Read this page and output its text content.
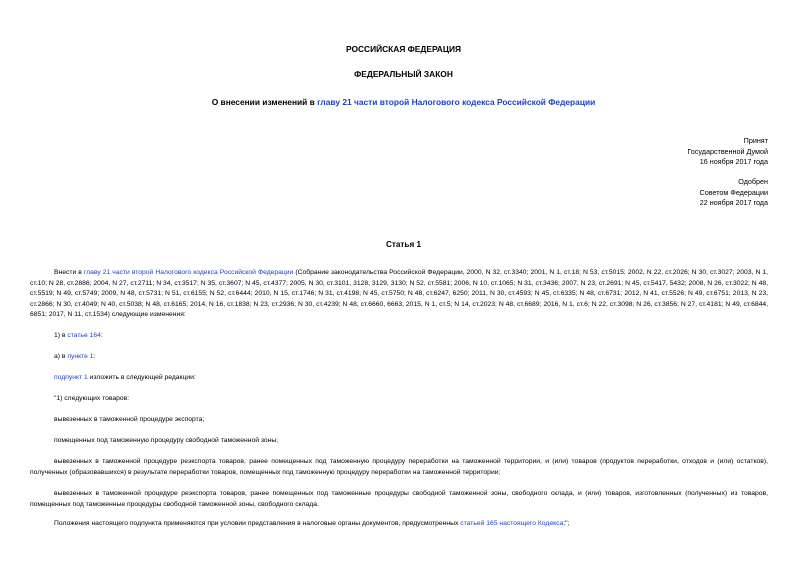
РОССИЙСКАЯ ФЕДЕРАЦИЯ
ФЕДЕРАЛЬНЫЙ ЗАКОН
О внесении изменений в главу 21 части второй Налогового кодекса Российской Федерации
Принят
Государственной Думой
16 ноября 2017 года
Одобрен
Советом Федерации
22 ноября 2017 года
Статья 1
Внести в главу 21 части второй Налогового кодекса Российской Федерации (Собрание законодательства Российской Федерации, 2000, N 32, ст.3340; 2001, N 1, ст.18; N 53, ст.5015; 2002, N 22, ст.2026; N 30, ст.3027; 2003, N 1, ст.10; N 28, ст.2886; 2004, N 27, ст.2711; N 34, ст.3517; N 35, ст.3607; N 45, ст.4377; 2005, N 30, ст.3101, 3128, 3129, 3130; N 52, ст.5581; 2006, N 10, ст.1065; N 31, ст.3436; 2007, N 23, ст.2691; N 45, ст.5417, 5432; 2008, N 26, ст.3022; N 48, ст.5519; N 49, ст.5749; 2009, N 48, ст.5731; N 51, ст.6155; N 52, ст.6444; 2010, N 15, ст.1746; N 31, ст.4198; N 45, ст.5750; N 48, ст.6247, 6250; 2011, N 30, ст.4593; N 45, ст.6335; N 48, ст.6731; 2012, N 41, ст.5526; N 49, ст.6751; 2013, N 23, ст.2866; N 30, ст.4049; N 40, ст.5038; N 48, ст.6165; 2014, N 16, ст.1838; N 23, ст.2936; N 30, ст.4239; N 48, ст.6660, 6663; 2015, N 1, ст.5; N 14, ст.2023; N 48, ст.6689; 2016, N 1, ст.6; N 22, ст.3098; N 26, ст.3856; N 27, ст.4181; N 49, ст.6844, 6851; 2017, N 11, ст.1534) следующие изменения:
1) в статье 164:
а) в пункте 1:
подпункт 1 изложить в следующей редакции:
"1) следующих товаров:
вывезенных в таможенной процедуре экспорта;
помещенных под таможенную процедуру свободной таможенной зоны;
вывезенных в таможенной процедуре реэкспорта товаров, ранее помещенных под таможенную процедуру переработки на таможенной территории, и (или) товаров (продуктов переработки, отходов и (или) остатков), полученных (образовавшихся) в результате переработки товаров, помещенных под таможенную процедуру переработки на таможенной территории;
вывезенных в таможенной процедуре реэкспорта товаров, ранее помещенных под таможенные процедуры свободной таможенной зоны, свободного склада, и (или) товаров, изготовленных (полученных) из товаров, помещенных под таможенные процедуры свободной таможенной зоны, свободного склада.
Положения настоящего подпункта применяются при условии представления в налоговые органы документов, предусмотренных статьей 165 настоящего Кодекса;";
